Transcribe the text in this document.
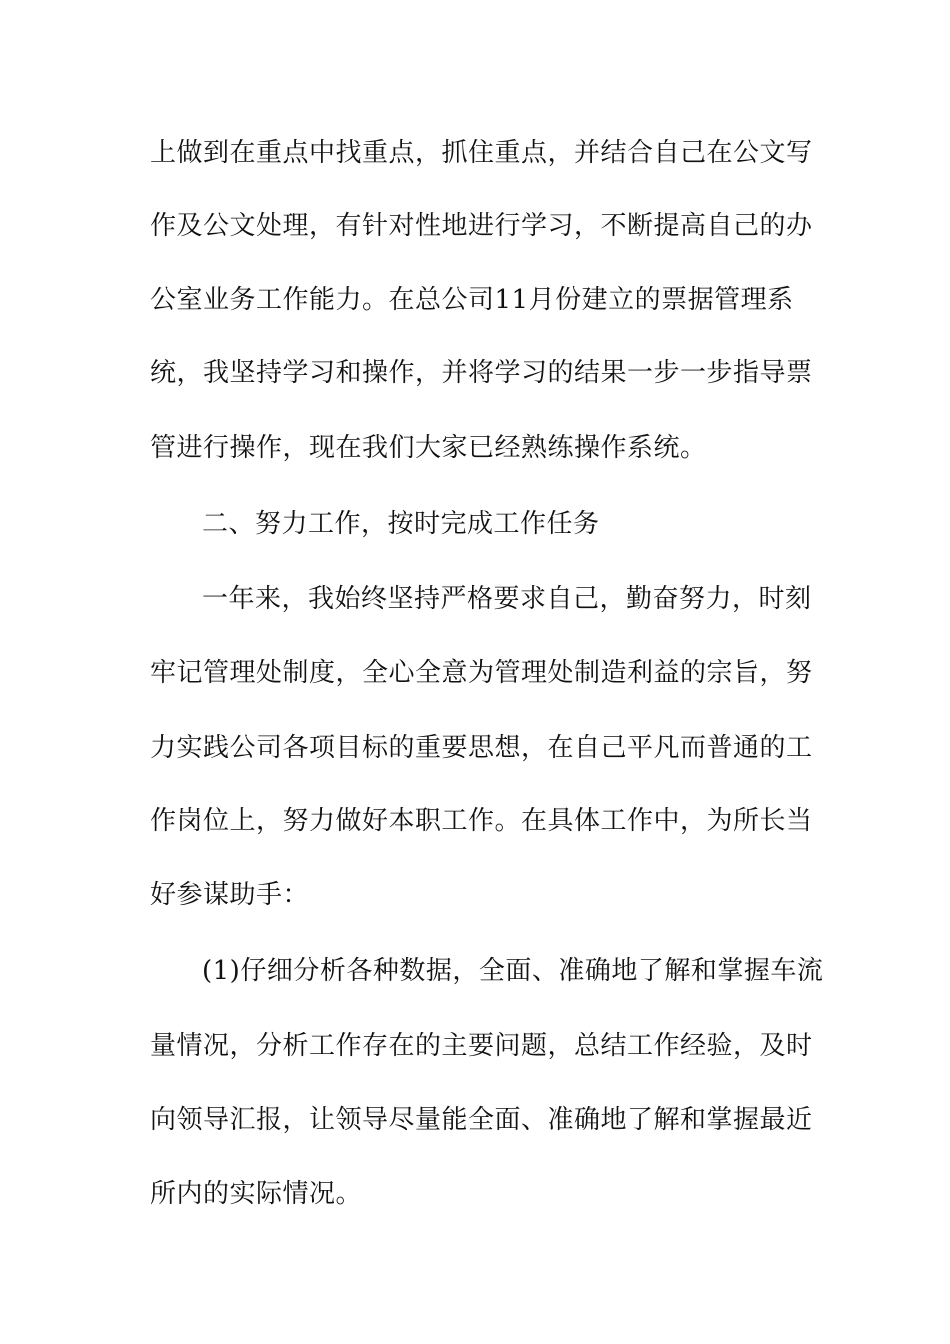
上做到在重点中找重点，抓住重点，并结合自己在公文写
作及公文处理，有针对性地进行学习，不断提高自己的办
公室业务工作能力。在总公司11月份建立的票据管理系
统，我坚持学习和操作，并将学习的结果一步一步指导票
管进行操作，现在我们大家已经熟练操作系统。
二、努力工作，按时完成工作任务
一年来，我始终坚持严格要求自己，勤奋努力，时刻
牢记管理处制度，全心全意为管理处制造利益的宗旨，努
力实践公司各项目标的重要思想，在自己平凡而普通的工
作岗位上，努力做好本职工作。在具体工作中，为所长当
好参谋助手：
(1)仔细分析各种数据，全面、准确地了解和掌握车流
量情况，分析工作存在的主要问题，总结工作经验，及时
向领导汇报，让领导尽量能全面、准确地了解和掌握最近
所内的实际情况。
